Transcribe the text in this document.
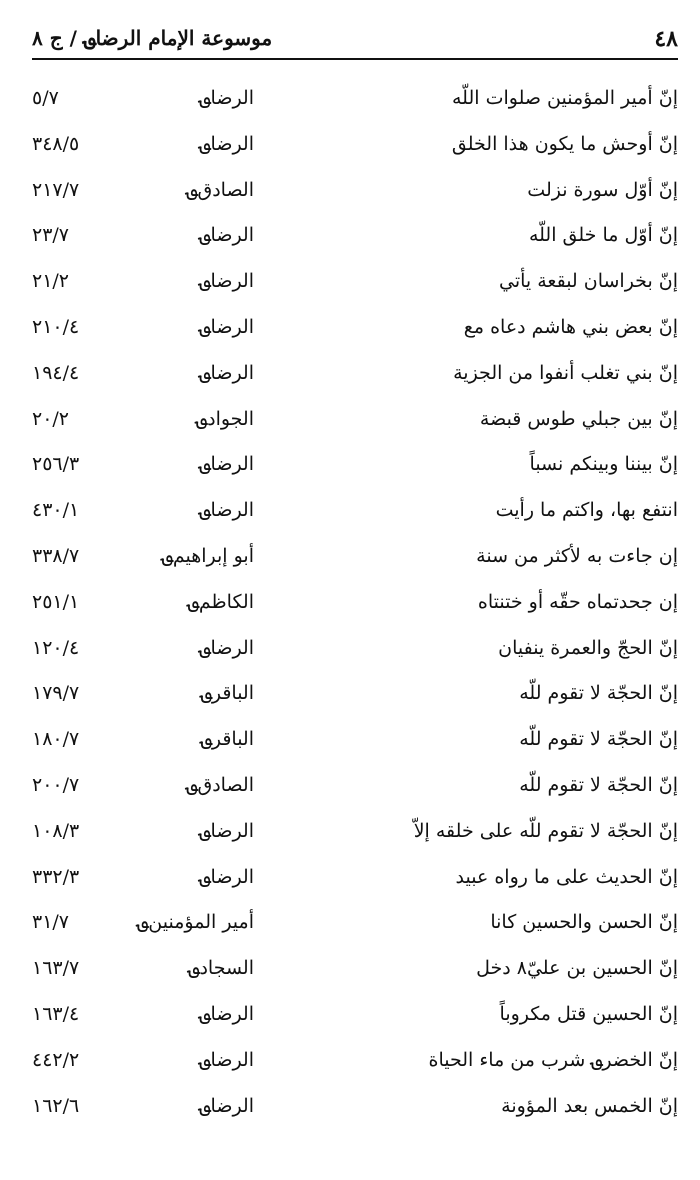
٤٨
موسوعة الإمام الرضا؈ / ج ٨
إنّ أمير المؤمنين صلوات اللّه
الرضا؈
٥/٧
إنّ أوحش ما يكون هذا الخلق
الرضا؈
٣٤٨/٥
إنّ أوّل سورة نزلت
الصادق؈
٢١٧/٧
إنّ أوّل ما خلق اللّه
الرضا؈
٢٣/٧
إنّ بخراسان لبقعة يأتي
الرضا؈
٢١/٢
إنّ بعض بني هاشم دعاه مع
الرضا؈
٢١٠/٤
إنّ بني تغلب أنفوا من الجزية
الرضا؈
١٩٤/٤
إنّ بين جبلي طوس قبضة
الجواد؈
٢٠/٢
إنّ بيننا وبينكم نسباً
الرضا؈
٢٥٦/٣
انتفع بها، واكتم ما رأيت
الرضا؈
٤٣٠/١
إن جاءت به لأكثر من سنة
أبو إبراهيم؈
٣٣٨/٧
إن جحدتماه حقّه أو ختنتاه
الكاظم؈
٢٥١/١
إنّ الحجّ والعمرة ينفيان
الرضا؈
١٢٠/٤
إنّ الحجّة لا تقوم للّه
الباقر؈
١٧٩/٧
إنّ الحجّة لا تقوم للّه
الباقر؈
١٨٠/٧
إنّ الحجّة لا تقوم للّه
الصادق؈
٢٠٠/٧
إنّ الحجّة لا تقوم للّه على خلقه إلاّ
الرضا؈
١٠٨/٣
إنّ الحديث على ما رواه عبيد
الرضا؈
٣٣٢/٣
إنّ الحسن والحسين كانا
أمير المؤمنين؈
٣١/٧
إنّ الحسين بن عليّ٨ دخل
السجاد؈
١٦٣/٧
إنّ الحسين قتل مكروباً
الرضا؈
١٦٣/٤
إنّ الخضر؈ شرب من ماء الحياة
الرضا؈
٤٤٢/٢
إنّ الخمس بعد المؤونة
الرضا؈
١٦٢/٦
